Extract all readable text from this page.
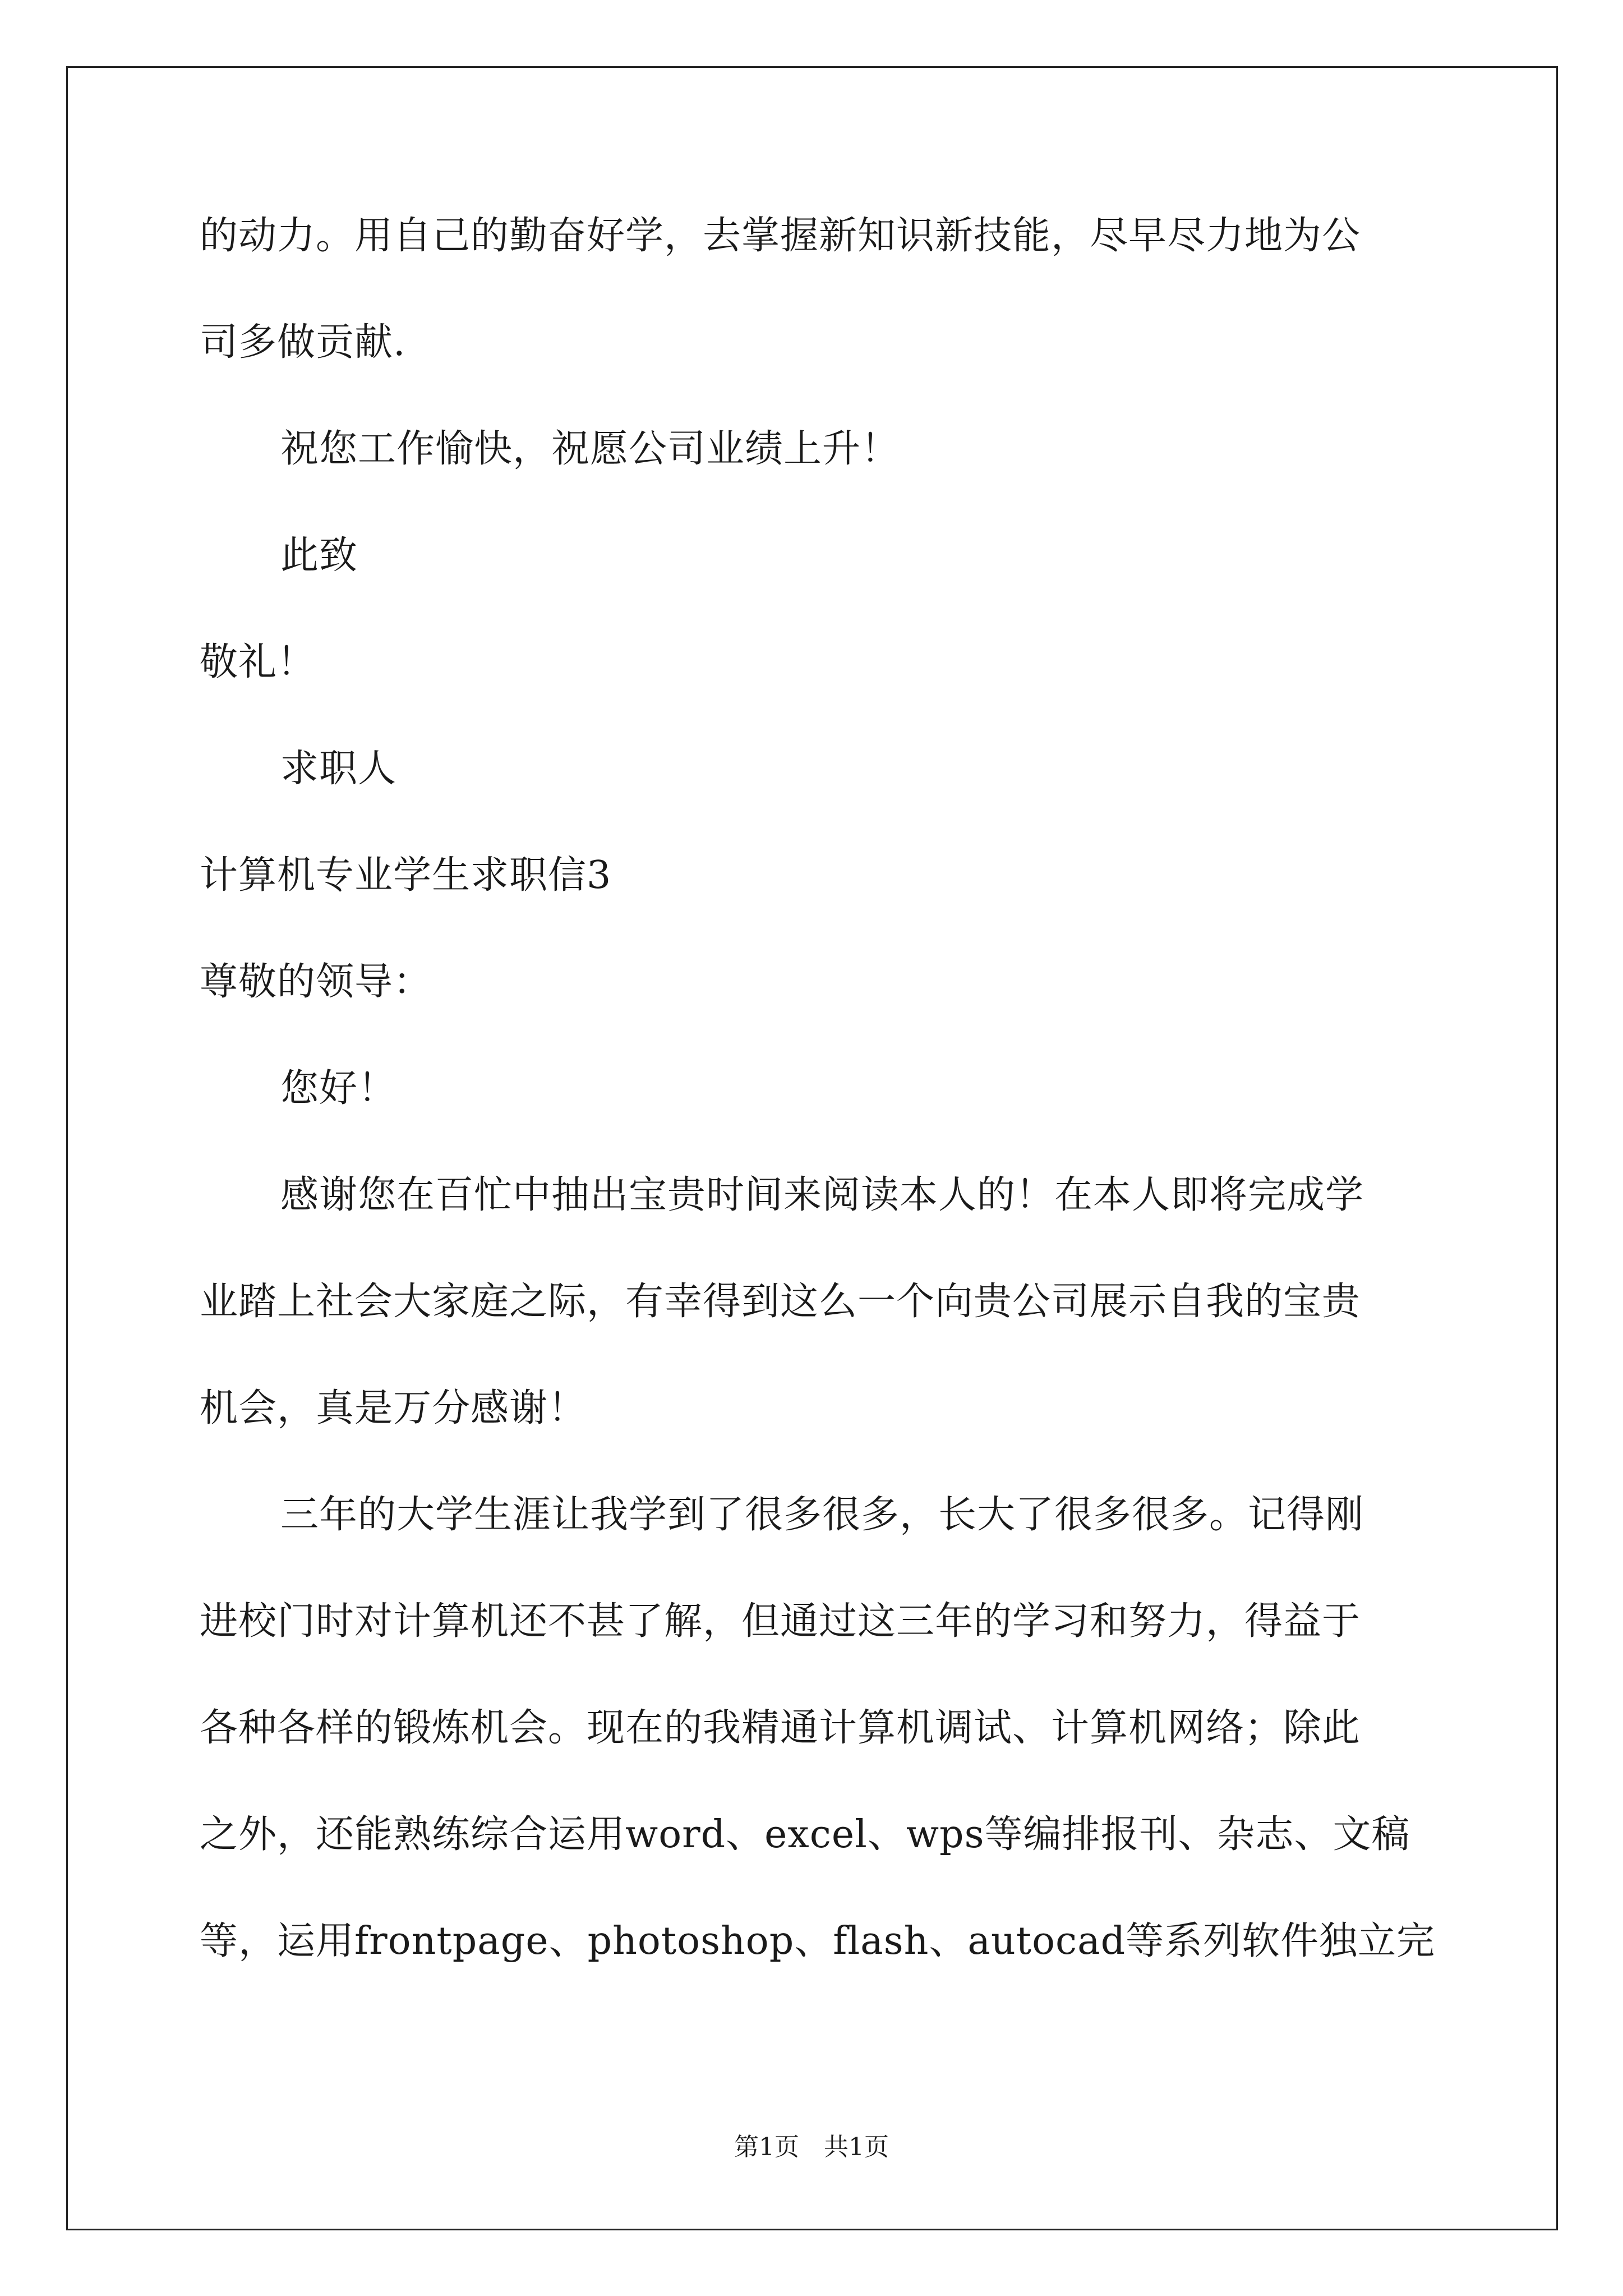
的动力。用自己的勤奋好学，去掌握新知识新技能，尽早尽力地为公
司多做贡献.
祝您工作愉快，祝愿公司业绩上升！
此致
敬礼！
求职人
计算机专业学生求职信3
尊敬的领导：
您好！
感谢您在百忙中抽出宝贵时间来阅读本人的！在本人即将完成学
业踏上社会大家庭之际，有幸得到这么一个向贵公司展示自我的宝贵
机会，真是万分感谢！
三年的大学生涯让我学到了很多很多，长大了很多很多。记得刚
进校门时对计算机还不甚了解，但通过这三年的学习和努力，得益于
各种各样的锻炼机会。现在的我精通计算机调试、计算机网络；除此
之外，还能熟练综合运用word、excel、wps等编排报刊、杂志、文稿
等，运用frontpage、photoshop、flash、autocad等系列软件独立完
第1页　共1页
